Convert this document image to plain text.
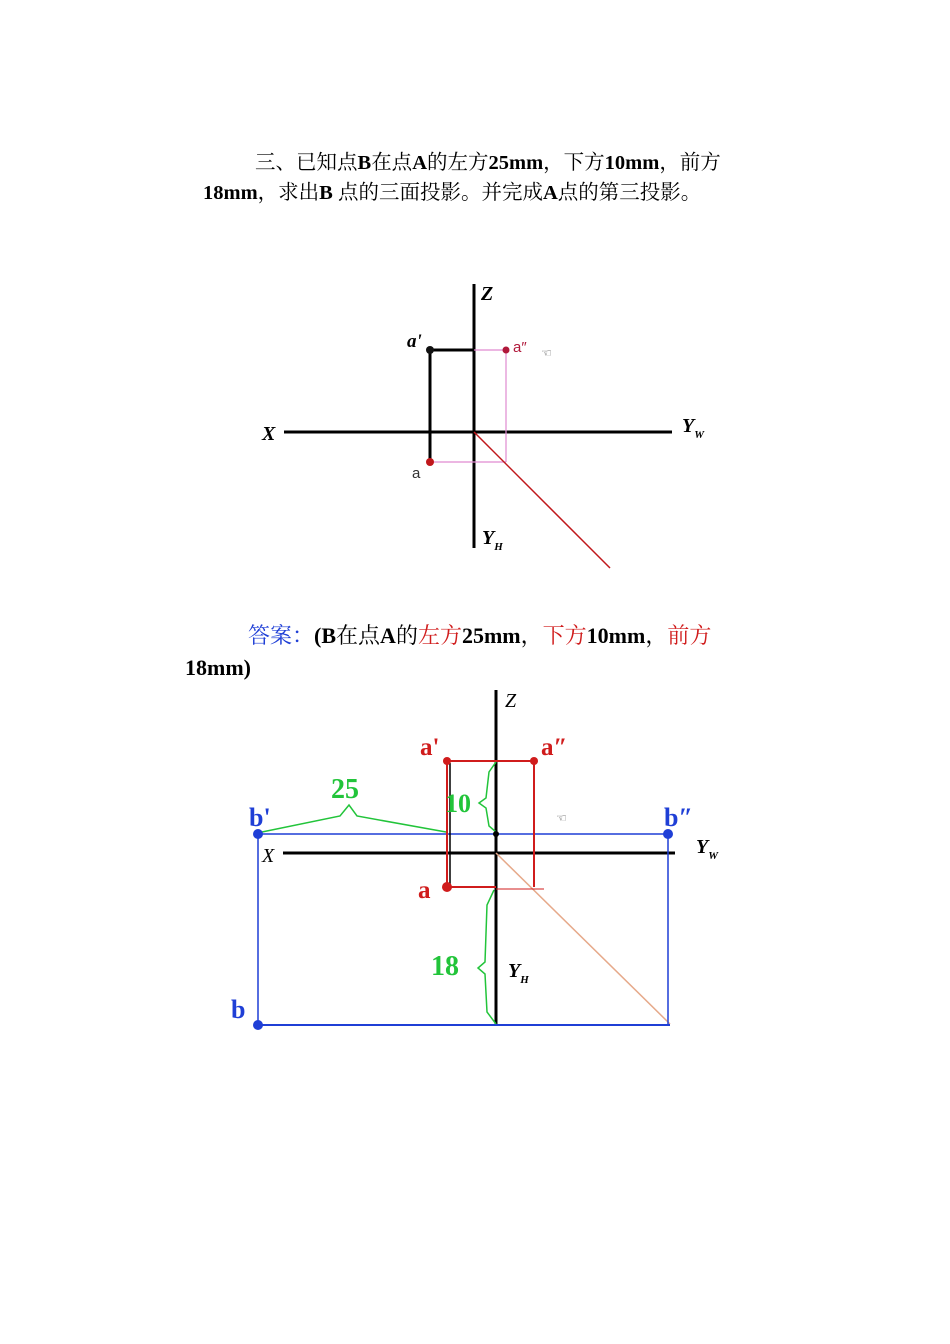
三、已知点B在点A的左方25mm，下方10mm，前方18mm，求出B 点的三面投影。并完成A点的第三投影。

☜
Z
X	$Y_W$
$Y_H$
a'	a″
a

答案：(B在点A的左方25mm，下方10mm，前方18mm)

☜
Z
X	$Y_W$
$Y_H$
a'	a″
a
b'	b″
b
25	10
18
